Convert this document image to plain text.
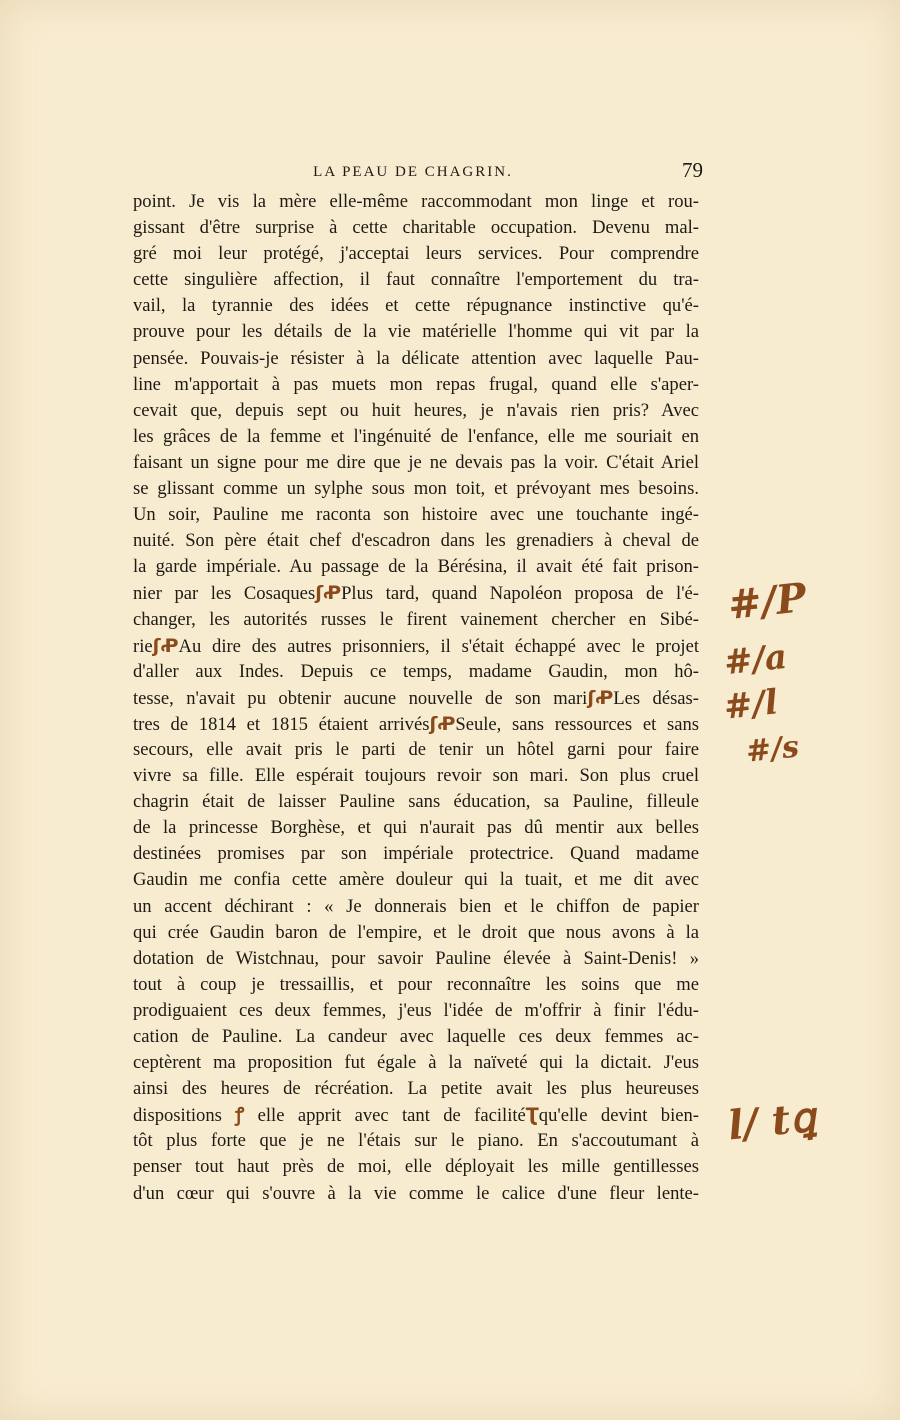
LA PEAU DE CHAGRIN.	79
point. Je vis la mère elle-même raccommodant mon linge et rou-
gissant d'être surprise à cette charitable occupation. Devenu mal-
gré moi leur protégé, j'acceptai leurs services. Pour comprendre
cette singulière affection, il faut connaître l'emportement du tra-
vail, la tyrannie des idées et cette répugnance instinctive qu'é-
prouve pour les détails de la vie matérielle l'homme qui vit par la
pensée. Pouvais-je résister à la délicate attention avec laquelle Pau-
line m'apportait à pas muets mon repas frugal, quand elle s'aper-
cevait que, depuis sept ou huit heures, je n'avais rien pris? Avec
les grâces de la femme et l'ingénuité de l'enfance, elle me souriait en
faisant un signe pour me dire que je ne devais pas la voir. C'était Ariel
se glissant comme un sylphe sous mon toit, et prévoyant mes besoins.
Un soir, Pauline me raconta son histoire avec une touchante ingé-
nuité. Son père était chef d'escadron dans les grenadiers à cheval de
la garde impériale. Au passage de la Bérésina, il avait été fait prison-
nier par les CosaquesʃꝒPlus tard, quand Napoléon proposa de l'é-
changer, les autorités russes le firent vainement chercher en Sibé-
rieʃꝒAu dire des autres prisonniers, il s'était échappé avec le projet
d'aller aux Indes. Depuis ce temps, madame Gaudin, mon hô-
tesse, n'avait pu obtenir aucune nouvelle de son mariʃꝒLes désas-
tres de 1814 et 1815 étaient arrivésʃꝒSeule, sans ressources et sans
secours, elle avait pris le parti de tenir un hôtel garni pour faire
vivre sa fille. Elle espérait toujours revoir son mari. Son plus cruel
chagrin était de laisser Pauline sans éducation, sa Pauline, filleule
de la princesse Borghèse, et qui n'aurait pas dû mentir aux belles
destinées promises par son impériale protectrice. Quand madame
Gaudin me confia cette amère douleur qui la tuait, et me dit avec
un accent déchirant : « Je donnerais bien et le chiffon de papier
qui crée Gaudin baron de l'empire, et le droit que nous avons à la
dotation de Wistchnau, pour savoir Pauline élevée à Saint-Denis! »
tout à coup je tressaillis, et pour reconnaître les soins que me
prodiguaient ces deux femmes, j'eus l'idée de m'offrir à finir l'édu-
cation de Pauline. La candeur avec laquelle ces deux femmes ac-
ceptèrent ma proposition fut égale à la naïveté qui la dictait. J'eus
ainsi des heures de récréation. La petite avait les plus heureuses
dispositions ꝭ elle apprit avec tant de facilitéƮqu'elle devint bien-
tôt plus forte que je ne l'étais sur le piano. En s'accoutumant à
penser tout haut près de moi, elle déployait les mille gentillesses
d'un cœur qui s'ouvre à la vie comme le calice d'une fleur lente-
#/P
#/a
#/l
#/s
l/ tꝗ
